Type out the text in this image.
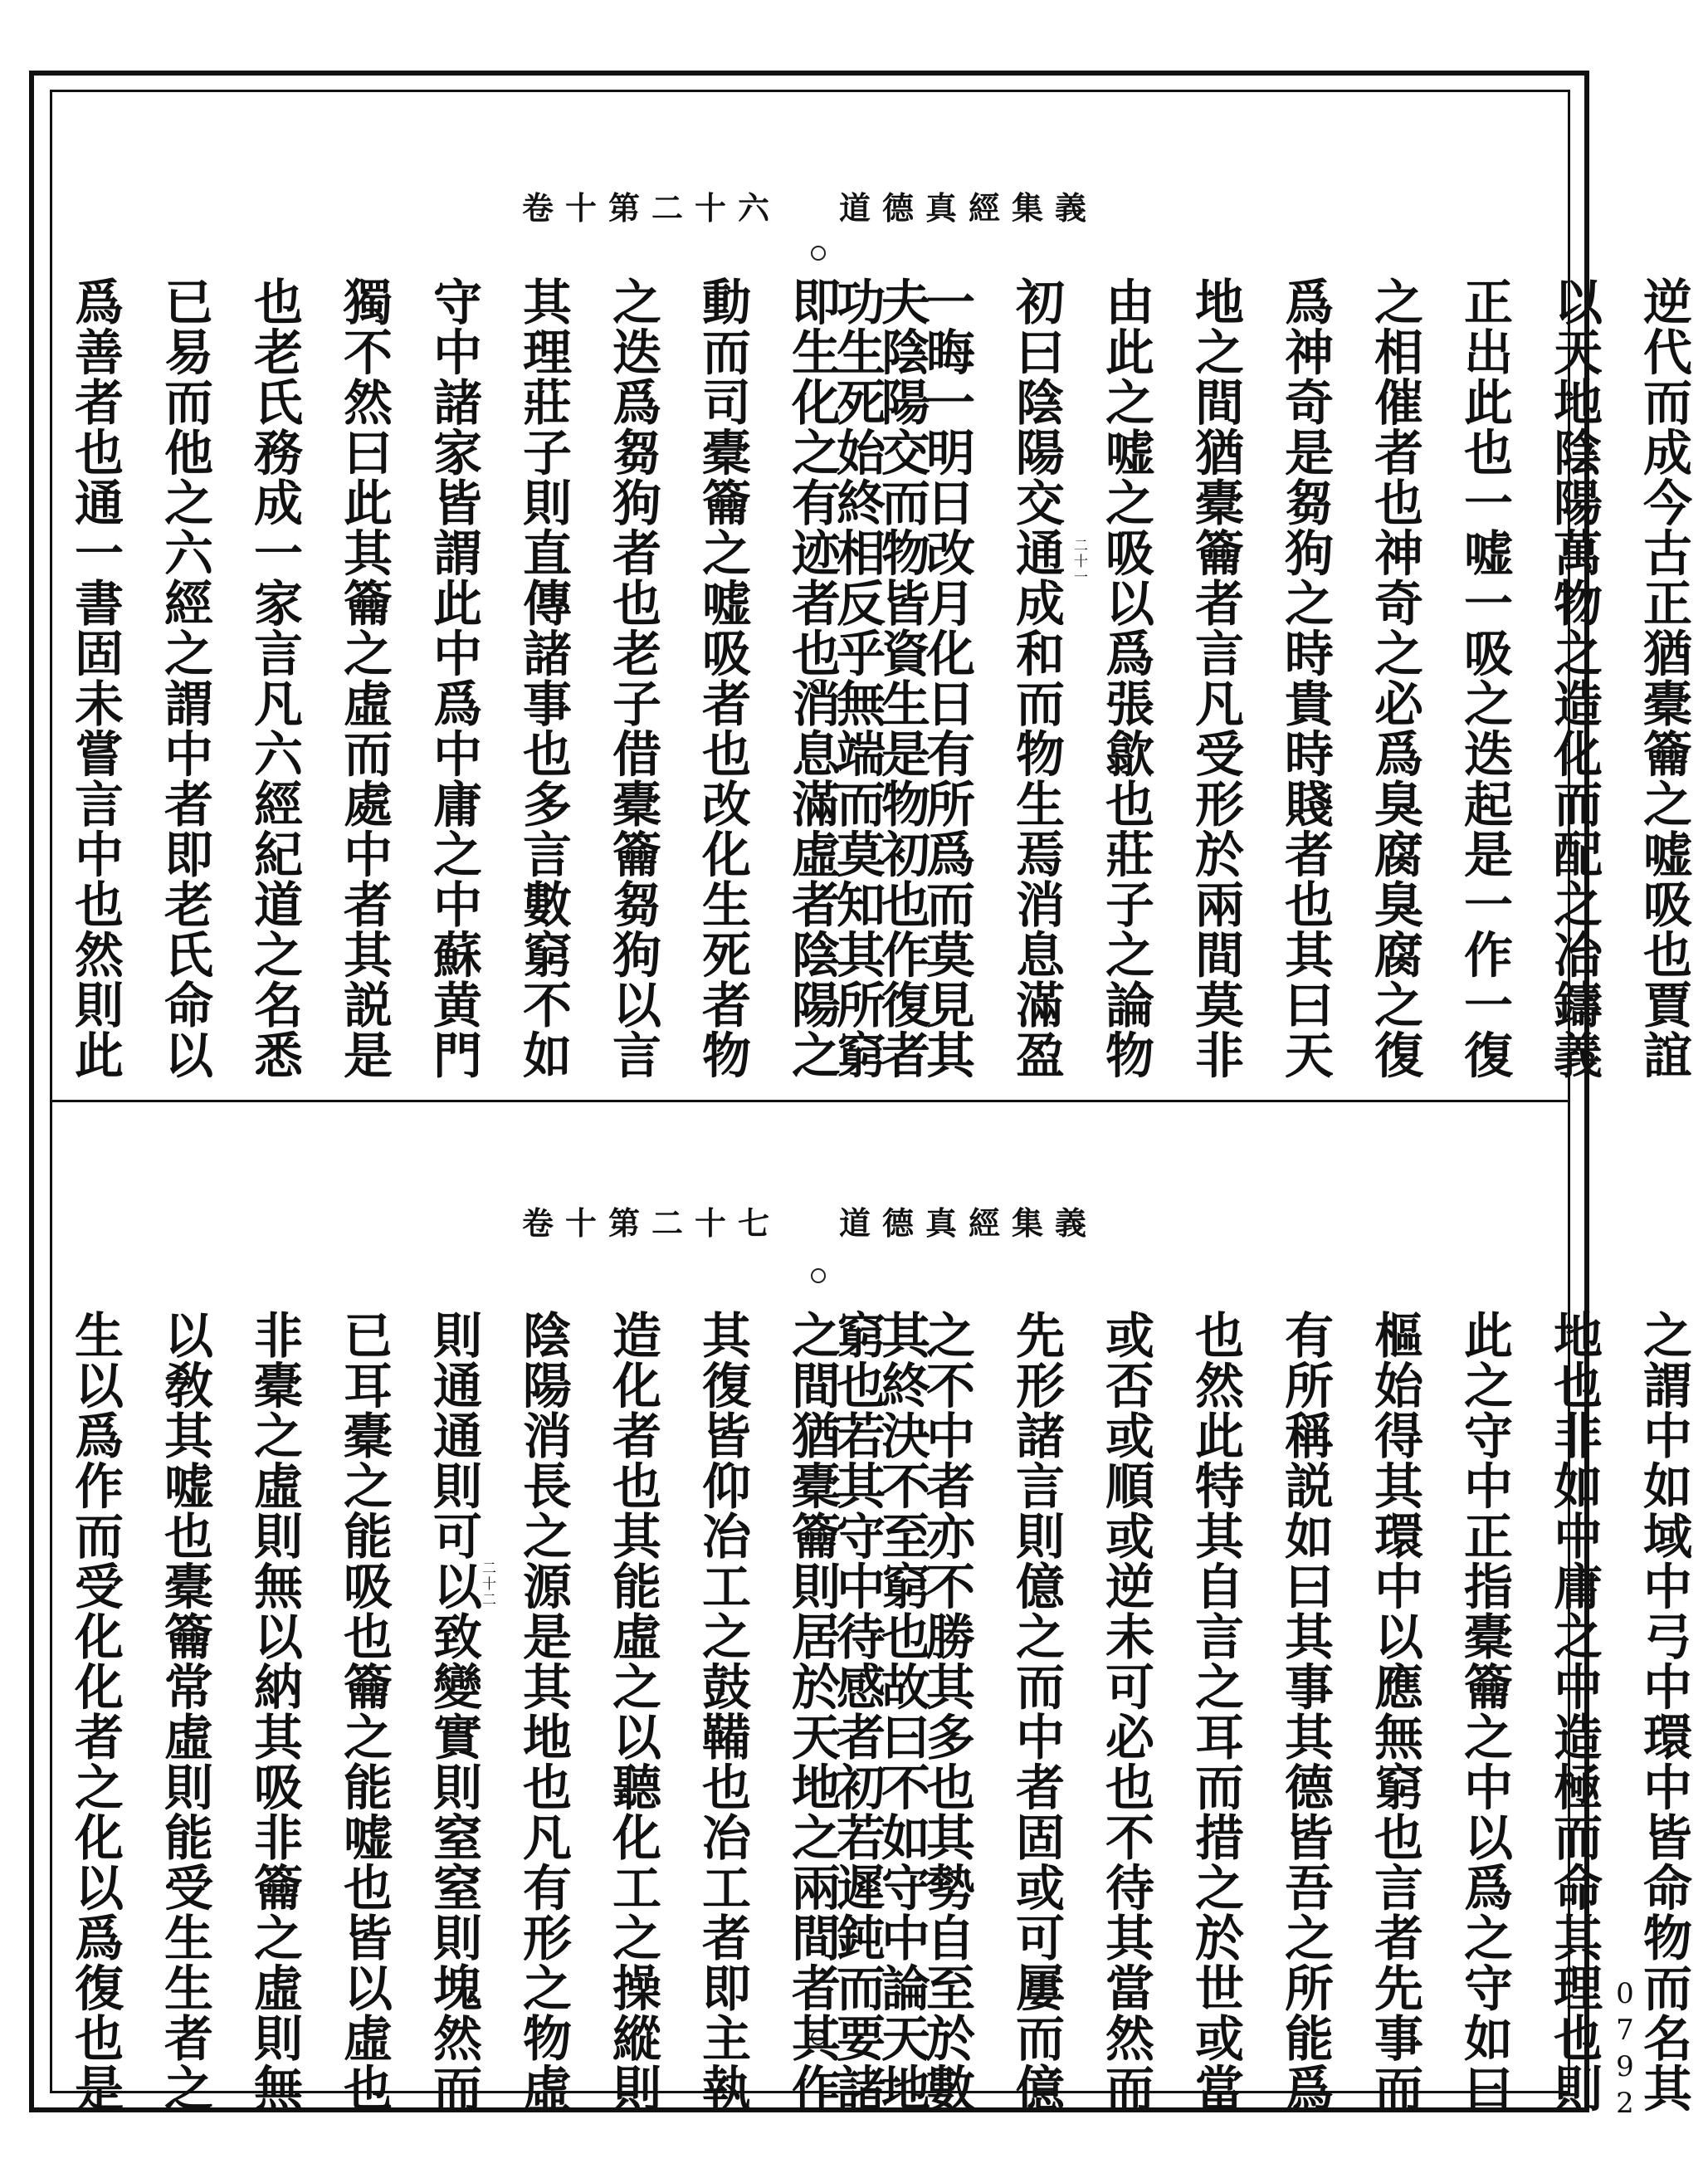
道德真經集義
卷十第二十六
二十一	逆代而成今古正猶橐籥之嘘吸也賈誼
以天地陰陽萬物之造化而配之冶鑄義
正出此也一嘘一吸之迭起是一作一復
之相催者也神奇之必爲臭腐臭腐之復
爲神奇是芻狗之時貴時賤者也其曰天
地之間猶橐籥者言凡受形於兩間莫非
由此之嘘之吸以爲張歙也莊子之論物
初曰陰陽交通成和而物生焉消息滿盈
一晦一明日改月化日有所爲而莫見其
功生死始終相反乎無端而莫知其所窮
夫陰陽交而物皆資生是物初也作復者
即生化之有迹者也消息滿虛者陰陽之
動而司橐籥之嘘吸者也改化生死者物
之迭爲芻狗者也老子借橐籥芻狗以言
其理莊子則直傳諸事也多言數窮不如
守中諸家皆謂此中爲中庸之中蘇黄門
獨不然曰此其籥之虛而處中者其説是
也老氏務成一家言凡六經紀道之名悉
已易而他之六經之謂中者即老氏命以
爲善者也通一書固未嘗言中也然則此
道德真經集義
卷十第二十七
二十二	之謂中如域中弓中環中皆命物而名其
地也非如中庸之中造極而命其理也則
此之守中正指橐籥之中以爲之守如曰
樞始得其環中以應無窮也言者先事而
有所稱説如曰其事其德皆吾之所能爲
也然此特其自言之耳而措之於世或當
或否或順或逆未可必也不待其當然而
先形諸言則億之而中者固或可屢而億
之不中者亦不勝其多也其勢自至於數
窮也若其守中待感者初若遲鈍而要諸
其終決不至窮也故曰不如守中論天地
之間猶橐籥則居於天地之兩間者其作
其復皆仰冶工之鼓鞴也冶工者即主執
造化者也其能虛之以聽化工之操縱則
陰陽消長之源是其地也凡有形之物虛
則通通則可以致變實則窒窒則塊然而
已耳橐之能吸也籥之能嘘也皆以虛也
非橐之虛則無以納其吸非籥之虛則無
以敎其嘘也橐籥常虛則能受生生者之
生以爲作而受化化者之化以爲復也是	0792
